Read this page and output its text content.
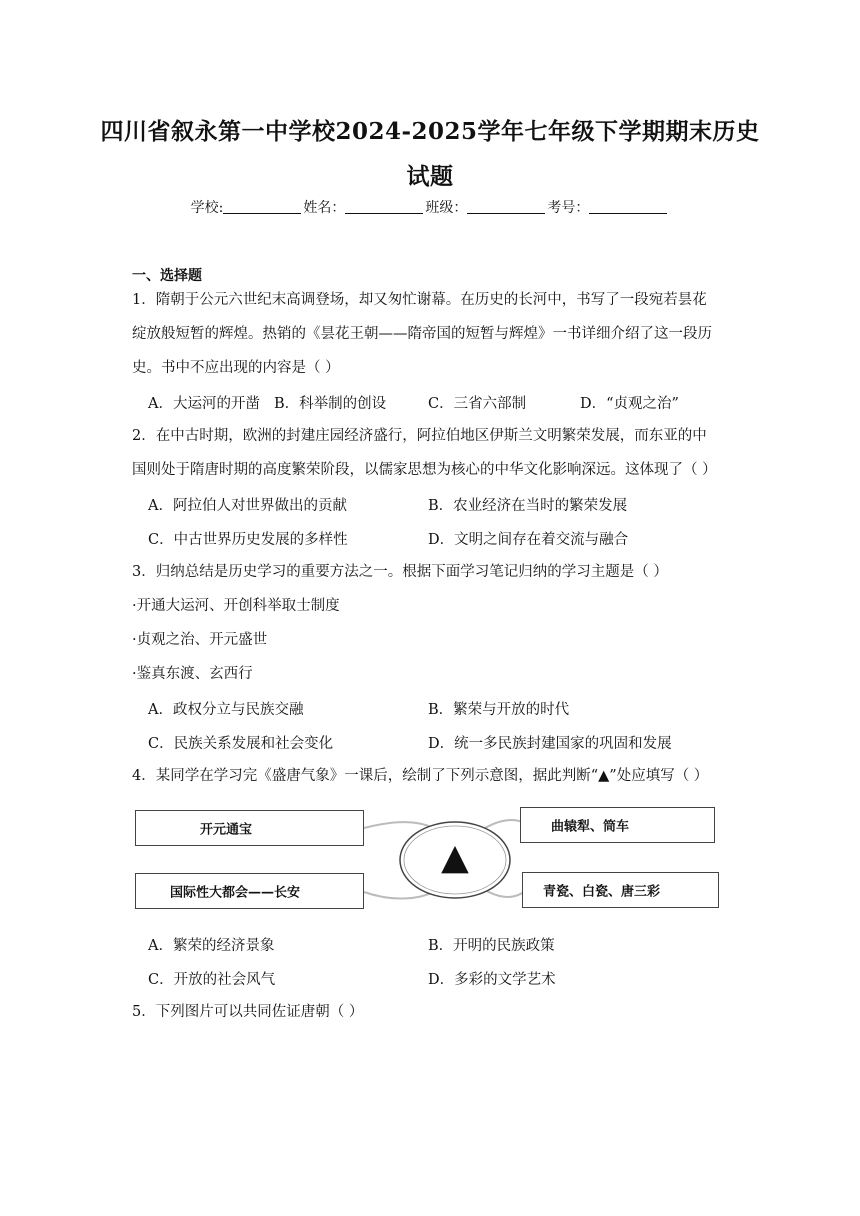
四川省叙永第一中学校2024-2025学年七年级下学期期末历史
试题
学校:	姓名：	班级：	考号：
一、选择题
1．隋朝于公元六世纪末高调登场，却又匆忙谢幕。在历史的长河中，书写了一段宛若昙花
绽放般短暂的辉煌。热销的《昙花王朝——隋帝国的短暂与辉煌》一书详细介绍了这一段历
史。书中不应出现的内容是（ ）
A．大运河的开凿 B．科举制的创设	C．三省六部制	D．“贞观之治”
2．在中古时期，欧洲的封建庄园经济盛行，阿拉伯地区伊斯兰文明繁荣发展，而东亚的中
国则处于隋唐时期的高度繁荣阶段，以儒家思想为核心的中华文化影响深远。这体现了（ ）
A．阿拉伯人对世界做出的贡献	B．农业经济在当时的繁荣发展
C．中古世界历史发展的多样性	D．文明之间存在着交流与融合
3．归纳总结是历史学习的重要方法之一。根据下面学习笔记归纳的学习主题是（ ）
·开通大运河、开创科举取士制度
·贞观之治、开元盛世
·鉴真东渡、玄西行
A．政权分立与民族交融	B．繁荣与开放的时代
C．民族关系发展和社会变化	D．统一多民族封建国家的巩固和发展
4．某同学在学习完《盛唐气象》一课后，绘制了下列示意图，据此判断“▲”处应填写（ ）
开元通宝
国际性大都会——长安
曲辕犁、筒车
青瓷、白瓷、唐三彩
▲
A．繁荣的经济景象	B．开明的民族政策
C．开放的社会风气	D．多彩的文学艺术
5．下列图片可以共同佐证唐朝（ ）
